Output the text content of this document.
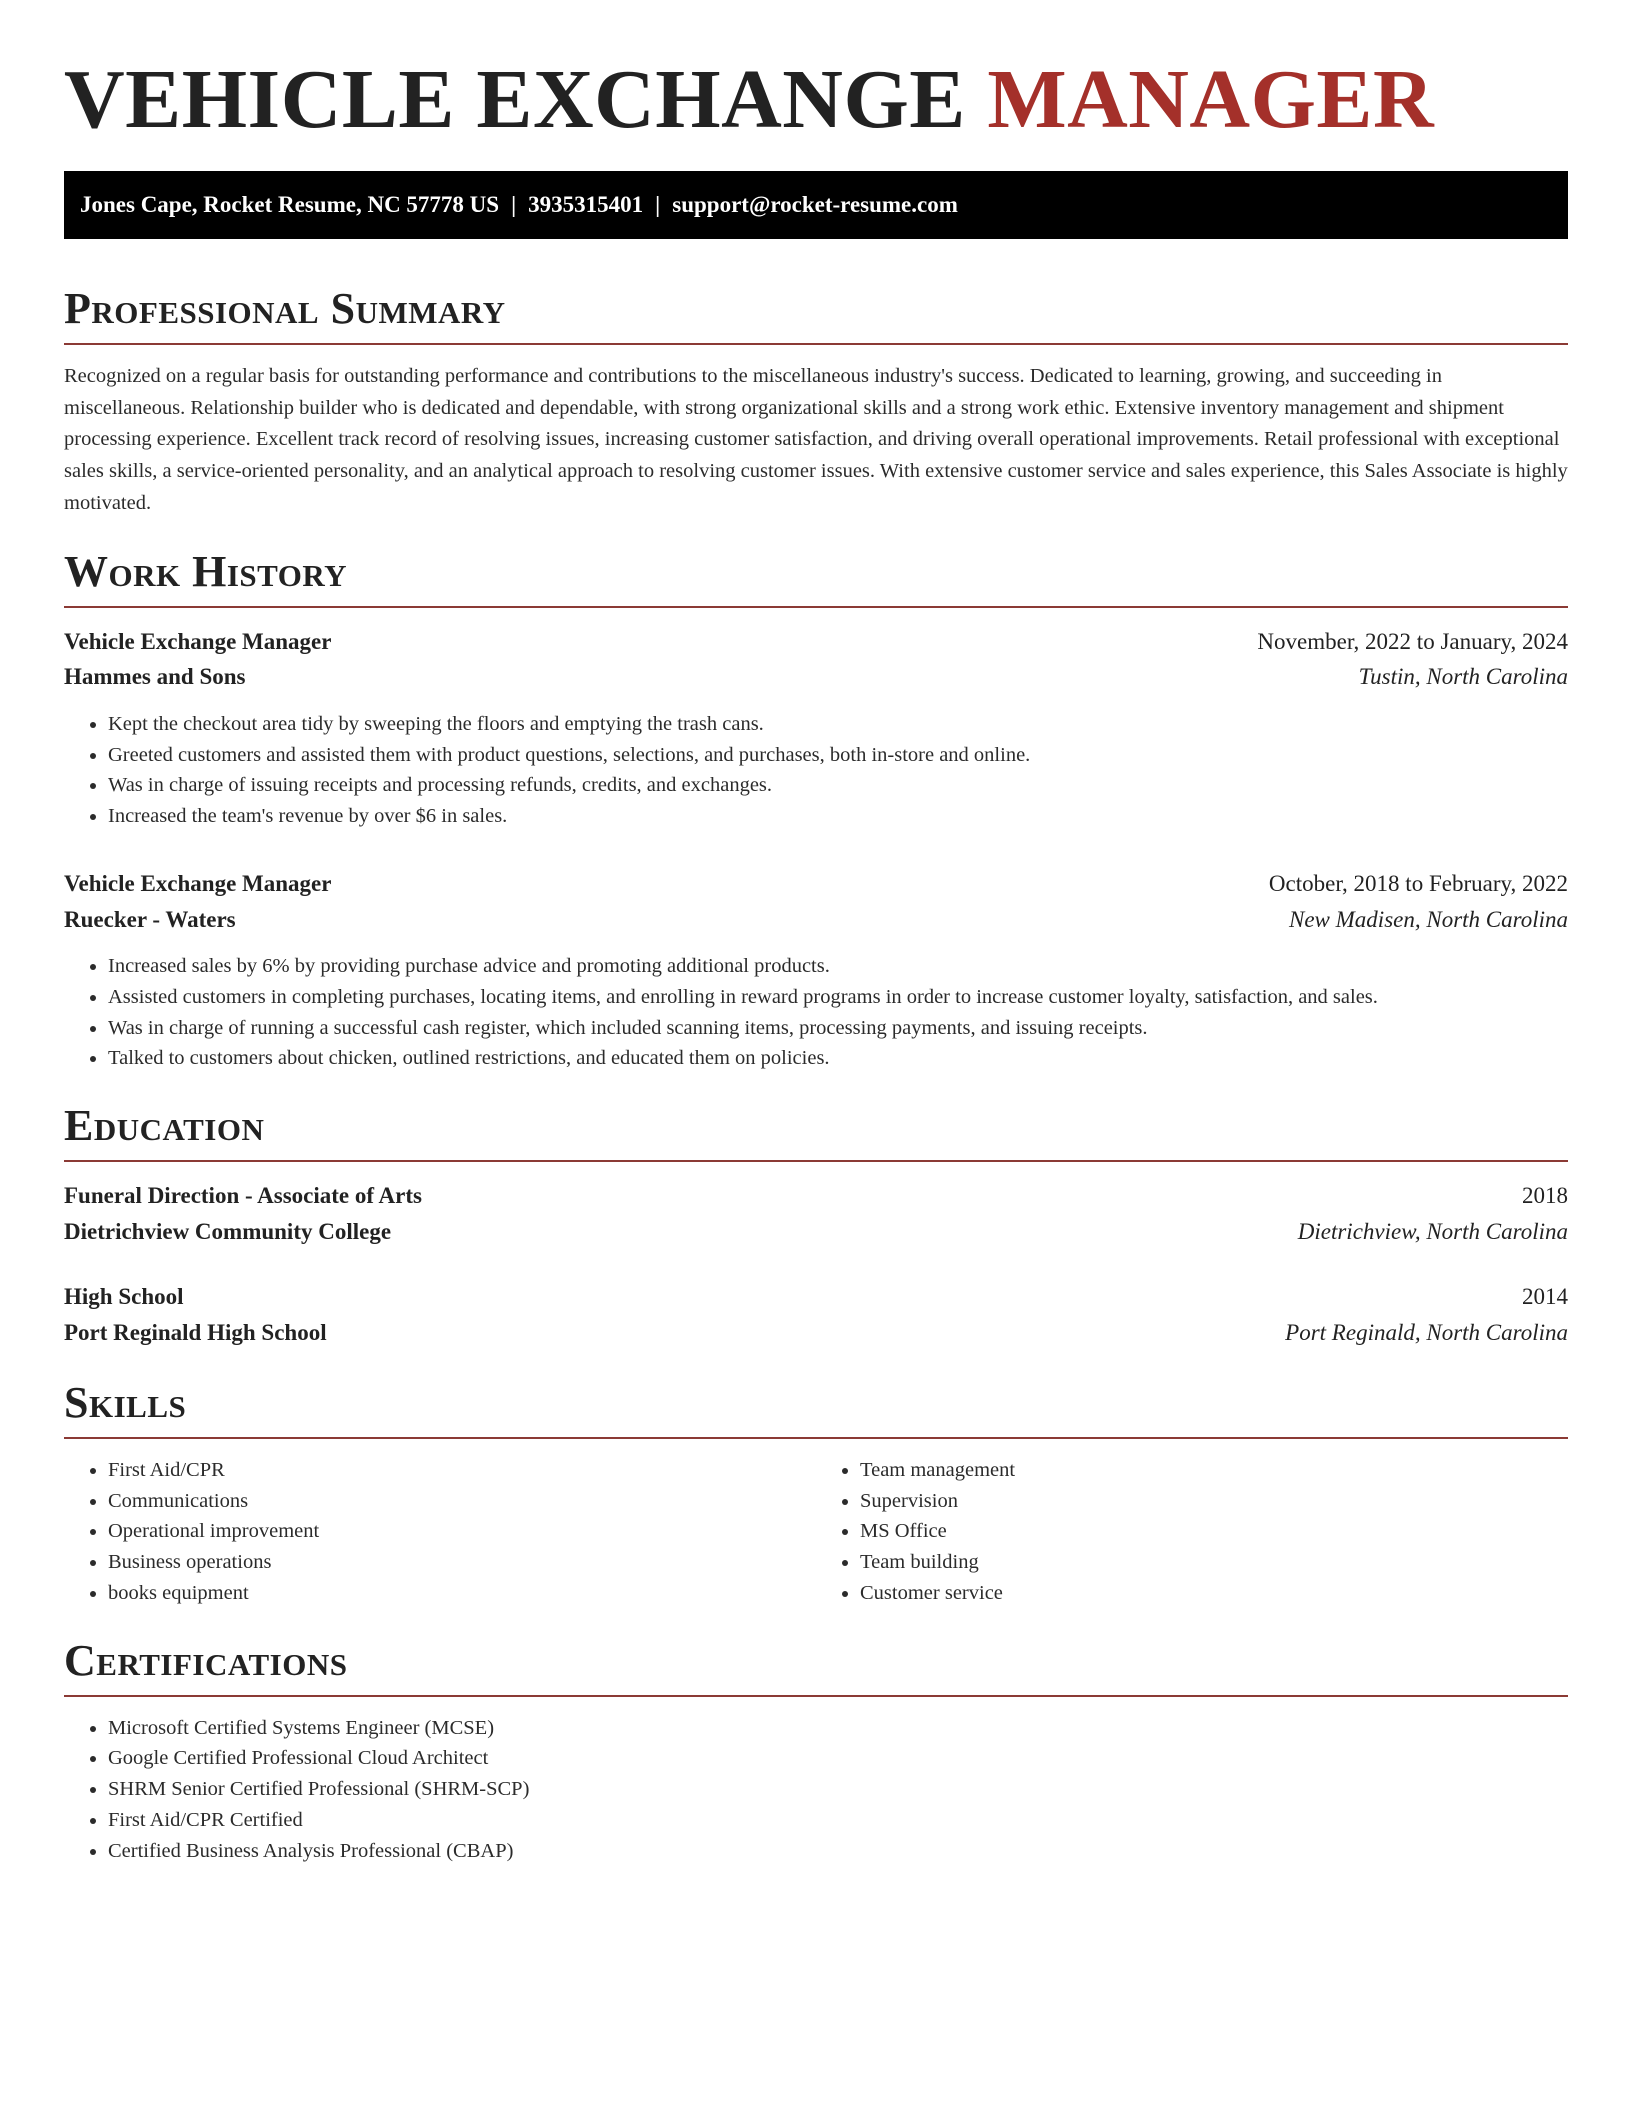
VEHICLE EXCHANGE MANAGER
Jones Cape, Rocket Resume, NC 57778 US | 3935315401 | support@rocket-resume.com
Professional Summary

Recognized on a regular basis for outstanding performance and contributions to the miscellaneous industry's success. Dedicated to learning, growing, and succeeding in miscellaneous. Relationship builder who is dedicated and dependable, with strong organizational skills and a strong work ethic. Extensive inventory management and shipment processing experience. Excellent track record of resolving issues, increasing customer satisfaction, and driving overall operational improvements. Retail professional with exceptional sales skills, a service-oriented personality, and an analytical approach to resolving customer issues. With extensive customer service and sales experience, this Sales Associate is highly motivated.

Work History
Vehicle Exchange Manager	November, 2022 to January, 2024
Hammes and Sons	Tustin, North Carolina
• Kept the checkout area tidy by sweeping the floors and emptying the trash cans.
• Greeted customers and assisted them with product questions, selections, and purchases, both in-store and online.
• Was in charge of issuing receipts and processing refunds, credits, and exchanges.
• Increased the team's revenue by over $6 in sales.
Vehicle Exchange Manager	October, 2018 to February, 2022
Ruecker - Waters	New Madisen, North Carolina
• Increased sales by 6% by providing purchase advice and promoting additional products.
• Assisted customers in completing purchases, locating items, and enrolling in reward programs in order to increase customer loyalty, satisfaction, and sales.
• Was in charge of running a successful cash register, which included scanning items, processing payments, and issuing receipts.
• Talked to customers about chicken, outlined restrictions, and educated them on policies.
Education
Funeral Direction - Associate of Arts	2018
Dietrichview Community College	Dietrichview, North Carolina
High School	2014
Port Reginald High School	Port Reginald, North Carolina
Skills
• First Aid/CPR
• Communications
• Operational improvement
• Business operations
• books equipment
• Team management
• Supervision
• MS Office
• Team building
• Customer service
Certifications
• Microsoft Certified Systems Engineer (MCSE)
• Google Certified Professional Cloud Architect
• SHRM Senior Certified Professional (SHRM-SCP)
• First Aid/CPR Certified
• Certified Business Analysis Professional (CBAP)
